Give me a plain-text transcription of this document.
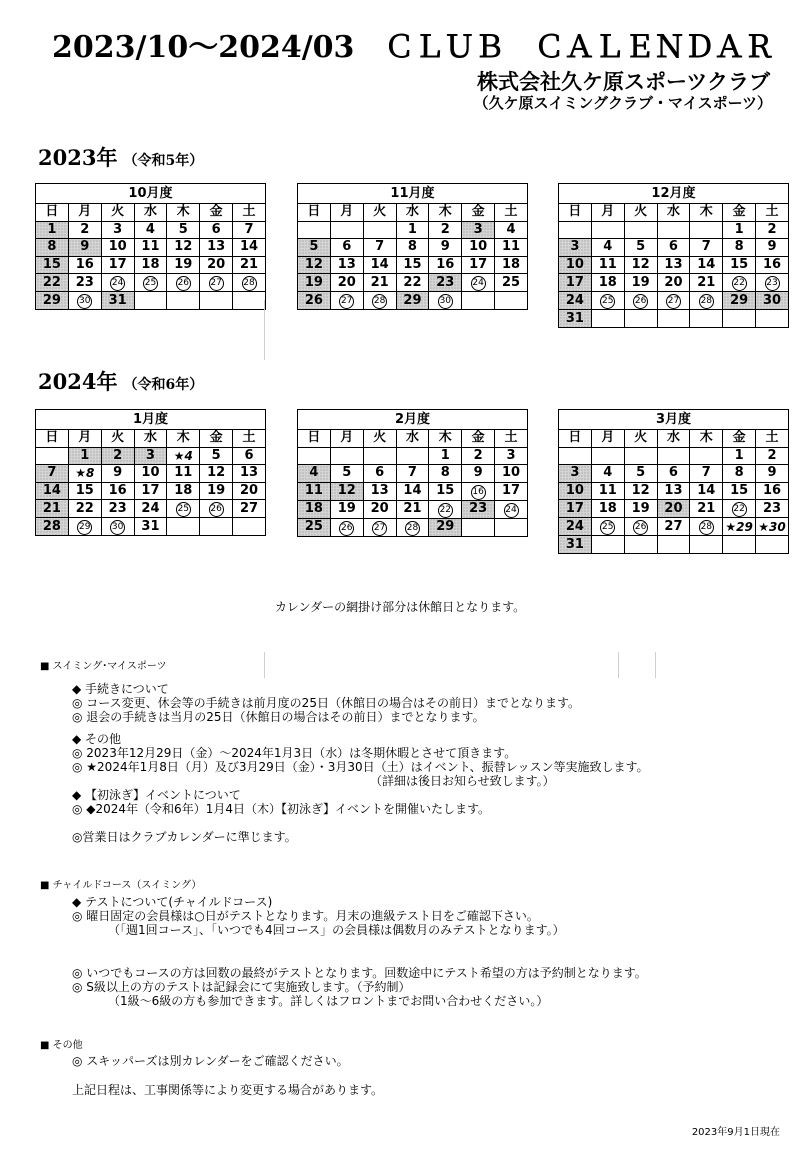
2023/10～2024/03　ＣＬＵＢ　ＣＡＬＥＮＤＡＲ
株式会社久ケ原スポーツクラブ
（久ケ原スイミングクラブ・マイスポーツ）
2023年 （令和5年）
2024年 （令和6年）
10月度						
日	月	火	水	木	金	土
1	2	3	4	5	6	7
8	9	10	11	12	13	14
15	16	17	18	19	20	21
22	23	24	25	26	27	28
29	30	31				
11月度						
日	月	火	水	木	金	土
			1	2	3	4
5	6	7	8	9	10	11
12	13	14	15	16	17	18
19	20	21	22	23	24	25
26	27	28	29	30		
12月度						
日	月	火	水	木	金	土
					1	2
3	4	5	6	7	8	9
10	11	12	13	14	15	16
17	18	19	20	21	22	23
24	25	26	27	28	29	30
31						
1月度						
日	月	火	水	木	金	土
	1	2	3	★4	5	6
7	★8	9	10	11	12	13
14	15	16	17	18	19	20
21	22	23	24	25	26	27
28	29	30	31			
2月度						
日	月	火	水	木	金	土
				1	2	3
4	5	6	7	8	9	10
11	12	13	14	15	16	17
18	19	20	21	22	23	24
25	26	27	28	29		
3月度						
日	月	火	水	木	金	土
					1	2
3	4	5	6	7	8	9
10	11	12	13	14	15	16
17	18	19	20	21	22	23
24	25	26	27	28	★29	★30
31						
カレンダーの網掛け部分は休館日となります。
■ スイミング･マイスポーツ
◆ 手続きについて
◎ コース変更、休会等の手続きは前月度の25日（休館日の場合はその前日）までとなります。
◎ 退会の手続きは当月の25日（休館日の場合はその前日）までとなります。
◆ その他
◎ 2023年12月29日（金）～2024年1月3日（水）は冬期休暇とさせて頂きます。
◎ ★2024年1月8日（月）及び3月29日（金）・3月30日（土）はイベント、振替レッスン等実施致します。
（詳細は後日お知らせ致します。）
◆ 【初泳ぎ】イベントについて
◎ ◆2024年（令和6年）1月4日（木）【初泳ぎ】イベントを開催いたします。
◎営業日はクラブカレンダーに準じます。
■ チャイルドコース（スイミング）
◆ テストについて(チャイルドコース)
◎ 曜日固定の会員様は○日がテストとなります。月末の進級テスト日をご確認下さい。
（「週1回コース」、「いつでも4回コース」の会員様は偶数月のみテストとなります。）
◎ いつでもコースの方は回数の最終がテストとなります。回数途中にテスト希望の方は予約制となります。
◎ S級以上の方のテストは記録会にて実施致します。（予約制）
（1級～6級の方も参加できます。詳しくはフロントまでお問い合わせください。）
■ その他
◎ スキッパーズは別カレンダーをご確認ください。
上記日程は、工事関係等により変更する場合があります。
2023年9月1日現在
